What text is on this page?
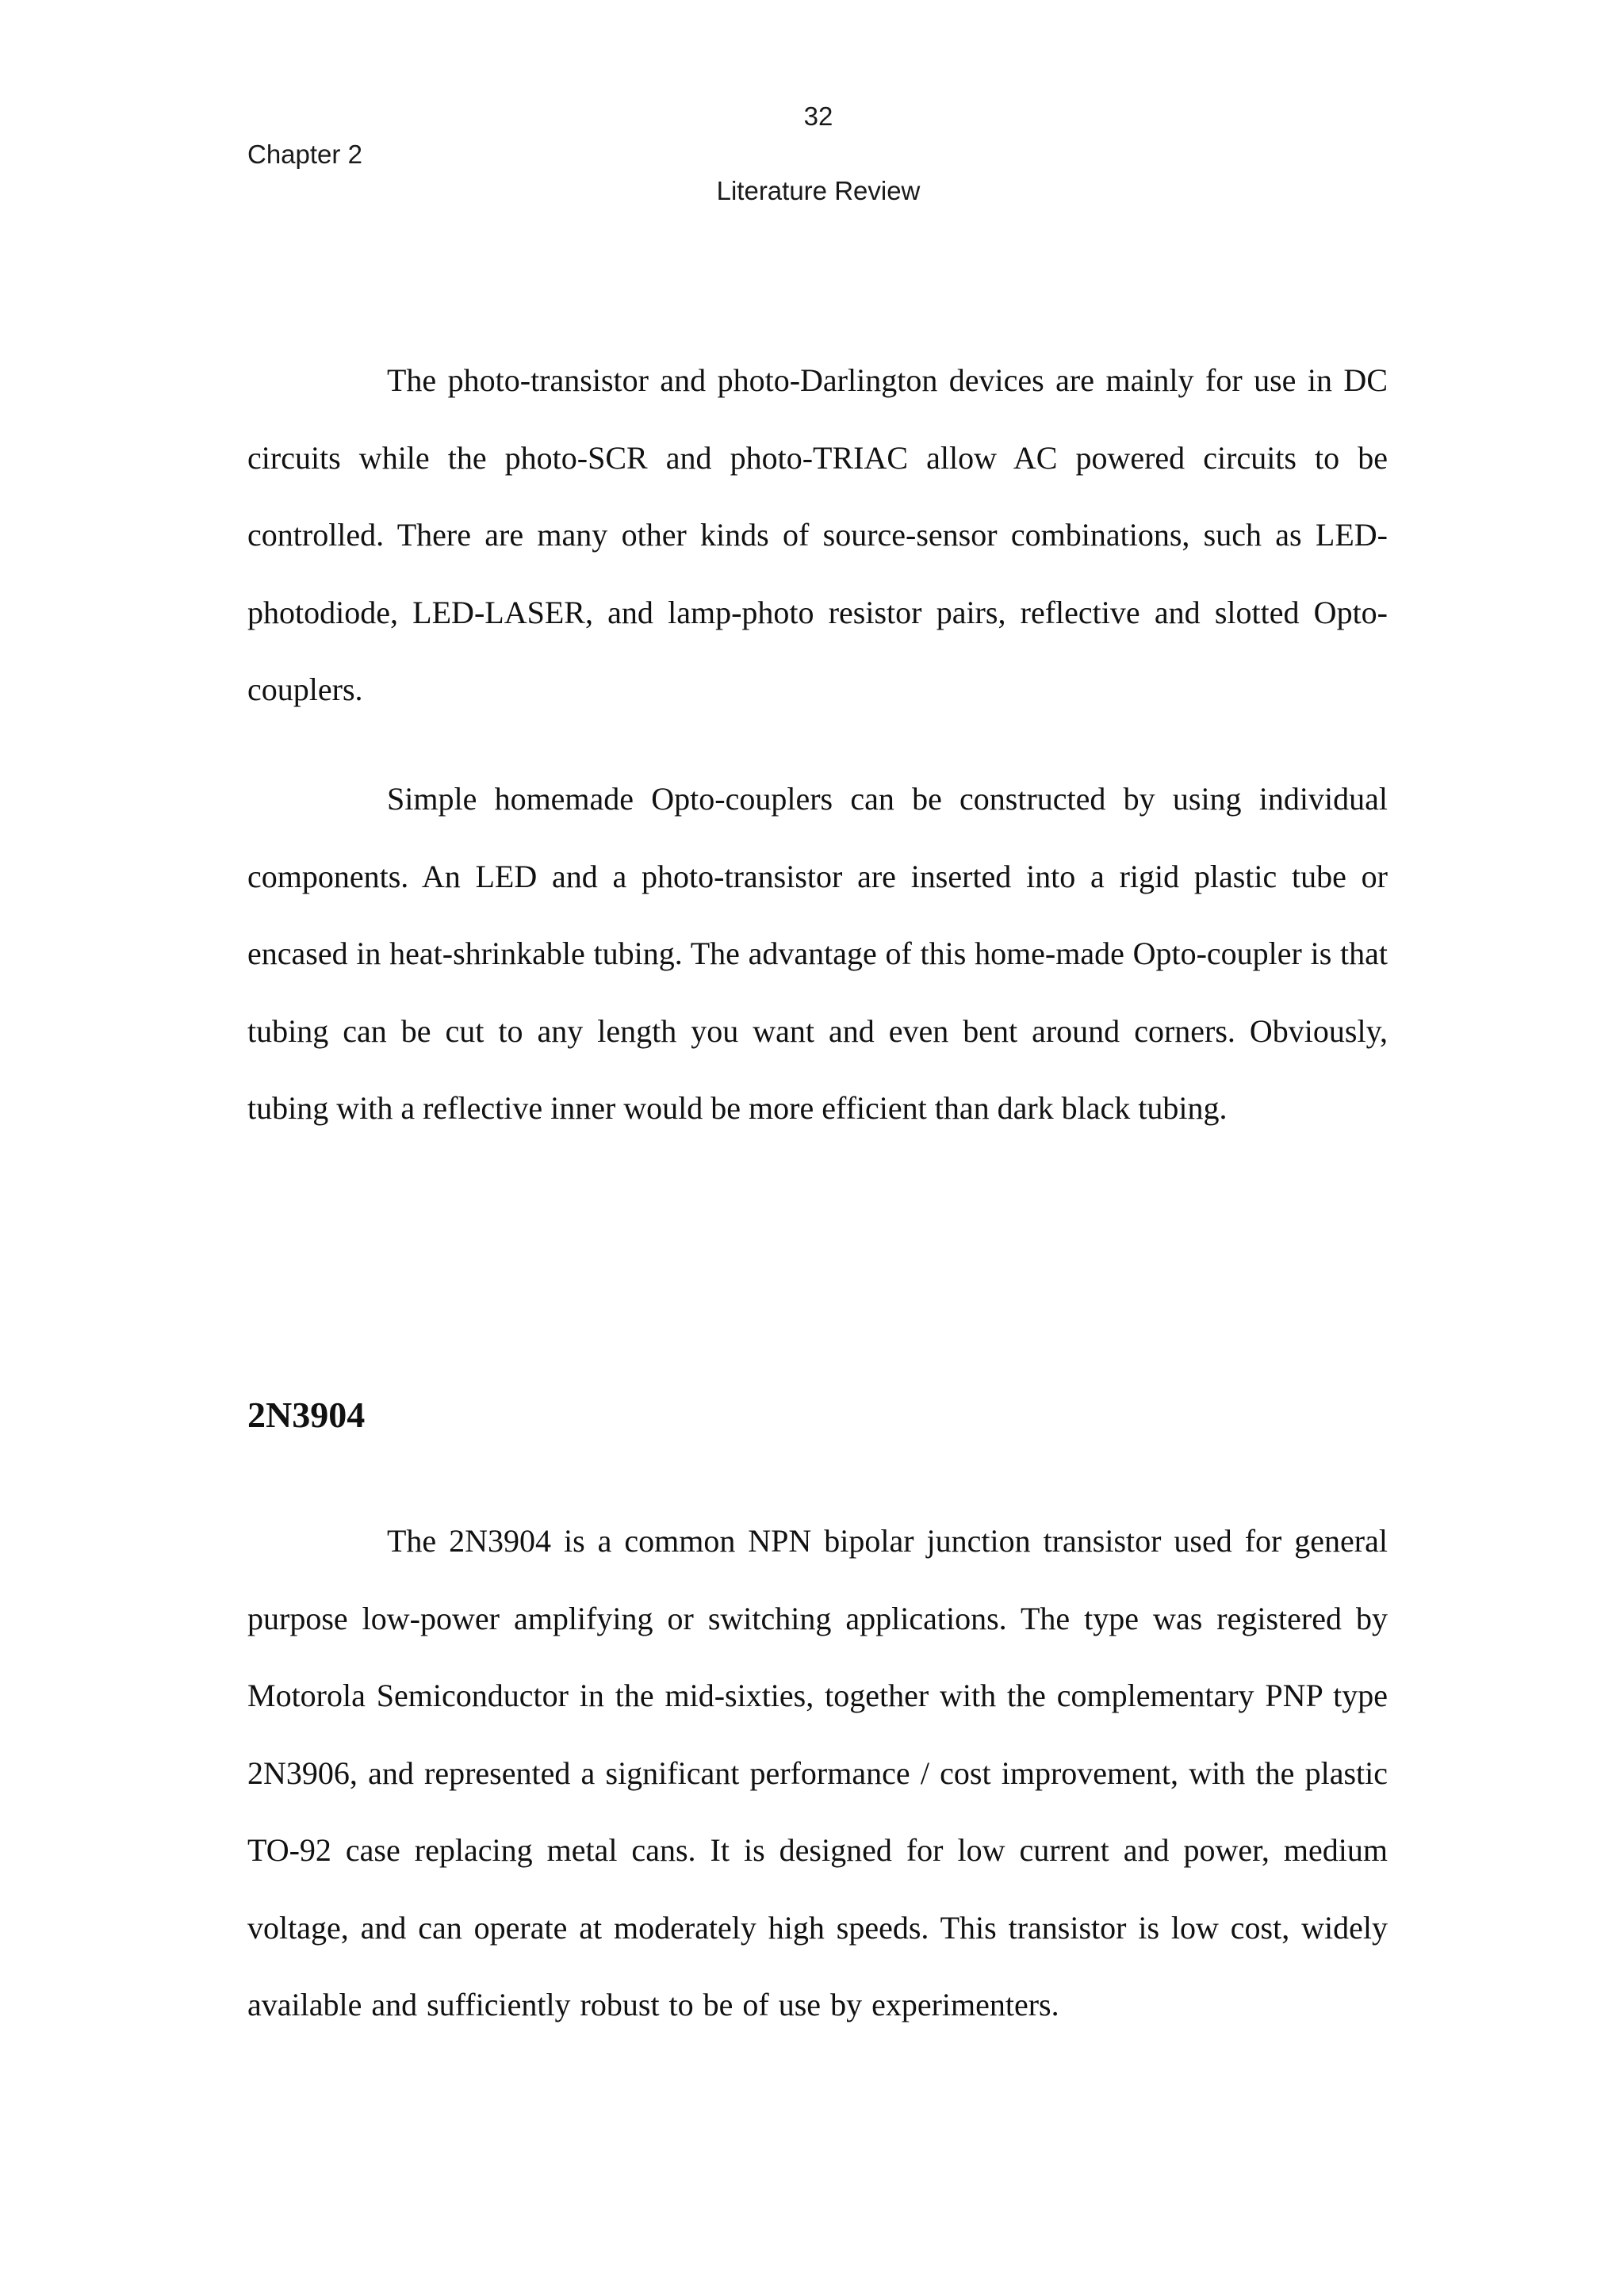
32
Chapter 2
Literature Review

The photo-transistor and photo-Darlington devices are mainly for use in DC circuits while the photo-SCR and photo-TRIAC allow AC powered circuits to be controlled. There are many other kinds of source-sensor combinations, such as LED-photodiode, LED-LASER, and lamp-photo resistor pairs, reflective and slotted Opto-couplers.

Simple homemade Opto-couplers can be constructed by using individual components. An LED and a photo-transistor are inserted into a rigid plastic tube or encased in heat-shrinkable tubing. The advantage of this home-made Opto-coupler is that tubing can be cut to any length you want and even bent around corners. Obviously, tubing with a reflective inner would be more efficient than dark black tubing.

2N3904

The 2N3904 is a common NPN bipolar junction transistor used for general purpose low-power amplifying or switching applications. The type was registered by Motorola Semiconductor in the mid-sixties, together with the complementary PNP type 2N3906, and represented a significant performance / cost improvement, with the plastic TO-92 case replacing metal cans. It is designed for low current and power, medium voltage, and can operate at moderately high speeds. This transistor is low cost, widely available and sufficiently robust to be of use by experimenters.
